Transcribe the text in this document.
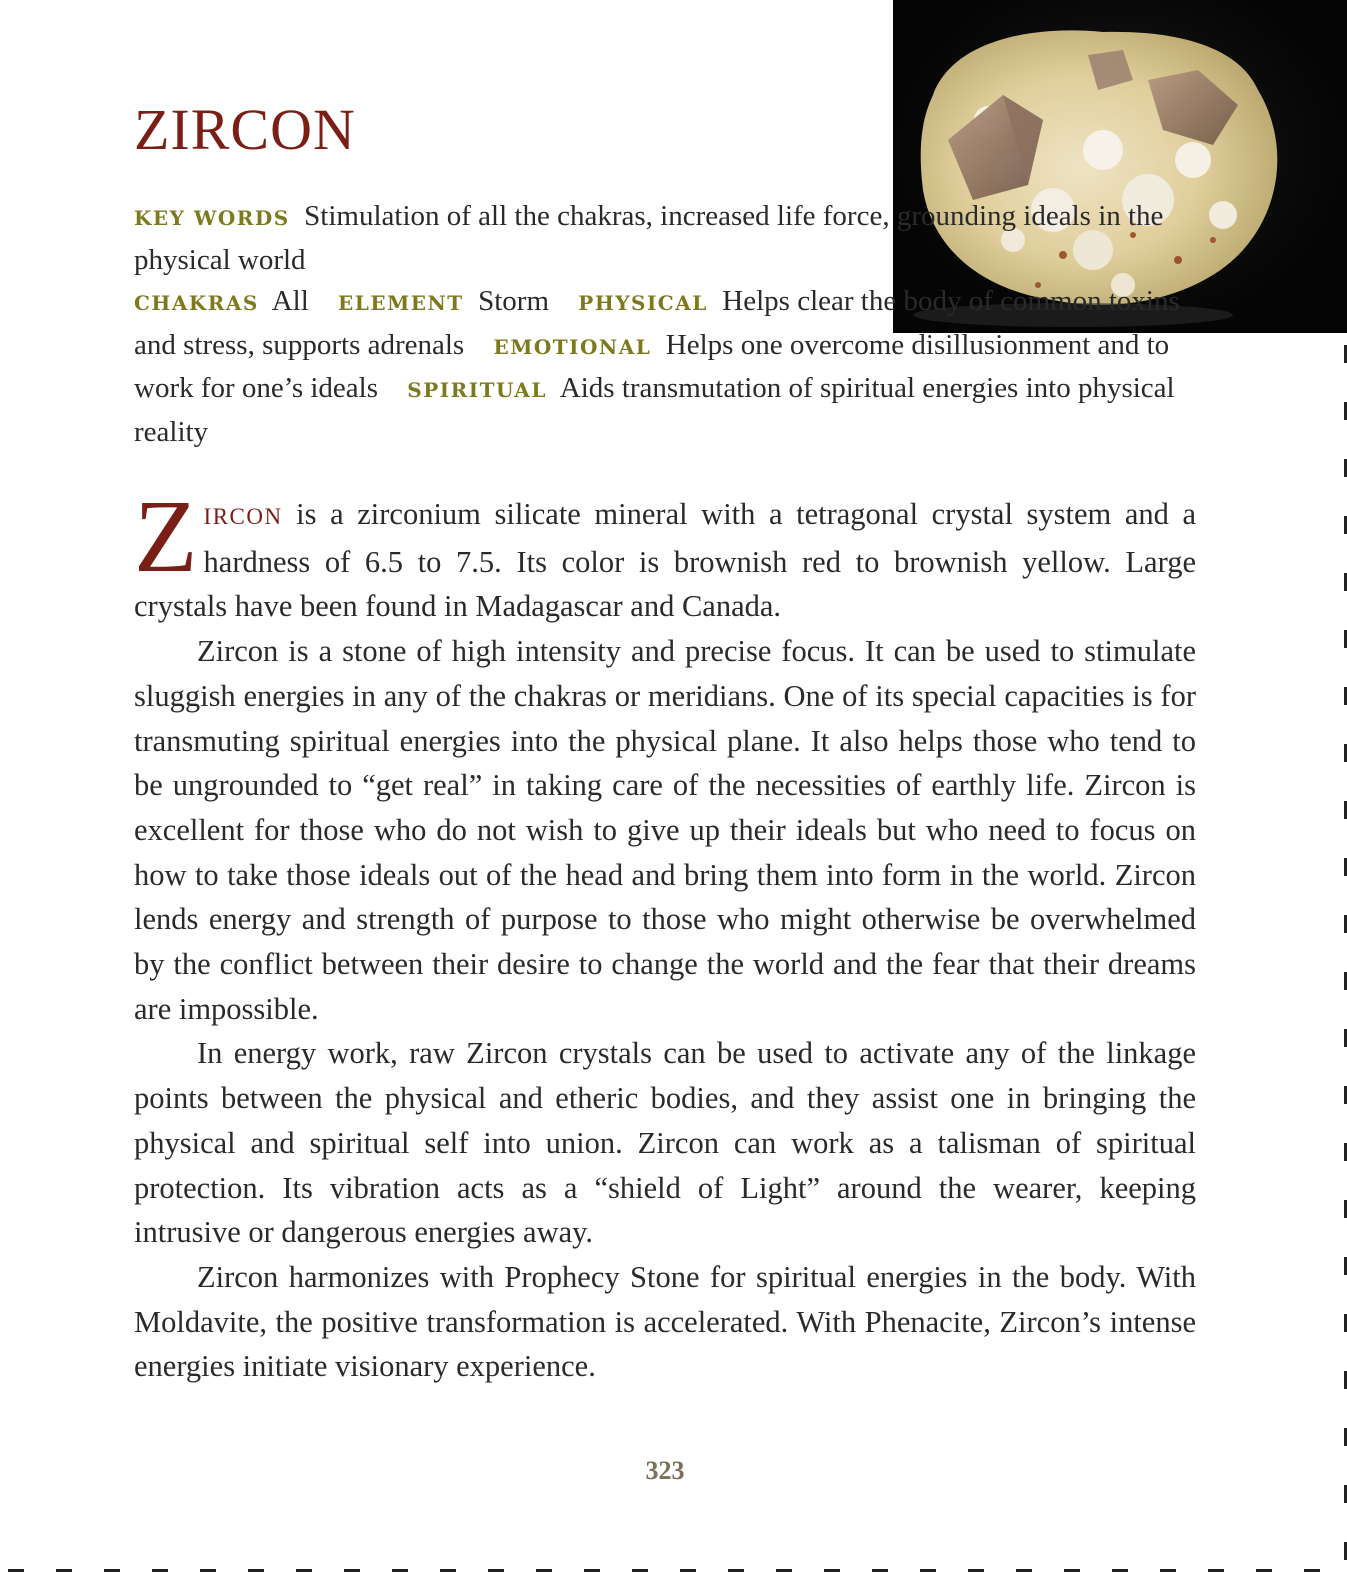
ZIRCON

KEY WORDS Stimulation of all the chakras, increased life force, grounding ideals in the physical world
CHAKRAS All ELEMENT Storm PHYSICAL Helps clear the body of common toxins and stress, supports adrenals EMOTIONAL Helps one overcome disillusionment and to work for one’s ideals SPIRITUAL Aids transmutation of spiritual energies into physical reality

ZIRCON is a zirconium silicate mineral with a tetragonal crystal system and a hardness of 6.5 to 7.5. Its color is brownish red to brownish yellow. Large crystals have been found in Madagascar and Canada.

Zircon is a stone of high intensity and precise focus. It can be used to stimulate sluggish energies in any of the chakras or meridians. One of its special capacities is for transmuting spiritual energies into the physical plane. It also helps those who tend to be ungrounded to “get real” in taking care of the necessities of earthly life. Zircon is excellent for those who do not wish to give up their ideals but who need to focus on how to take those ideals out of the head and bring them into form in the world. Zircon lends energy and strength of purpose to those who might otherwise be overwhelmed by the conflict between their desire to change the world and the fear that their dreams are impossible.

In energy work, raw Zircon crystals can be used to activate any of the linkage points between the physical and etheric bodies, and they assist one in bringing the physical and spiritual self into union. Zircon can work as a talisman of spiritual protection. Its vibration acts as a “shield of Light” around the wearer, keeping intrusive or dangerous energies away.

Zircon harmonizes with Prophecy Stone for spiritual energies in the body. With Moldavite, the positive transformation is accelerated. With Phenacite, Zircon’s intense energies initiate visionary experience.

323
